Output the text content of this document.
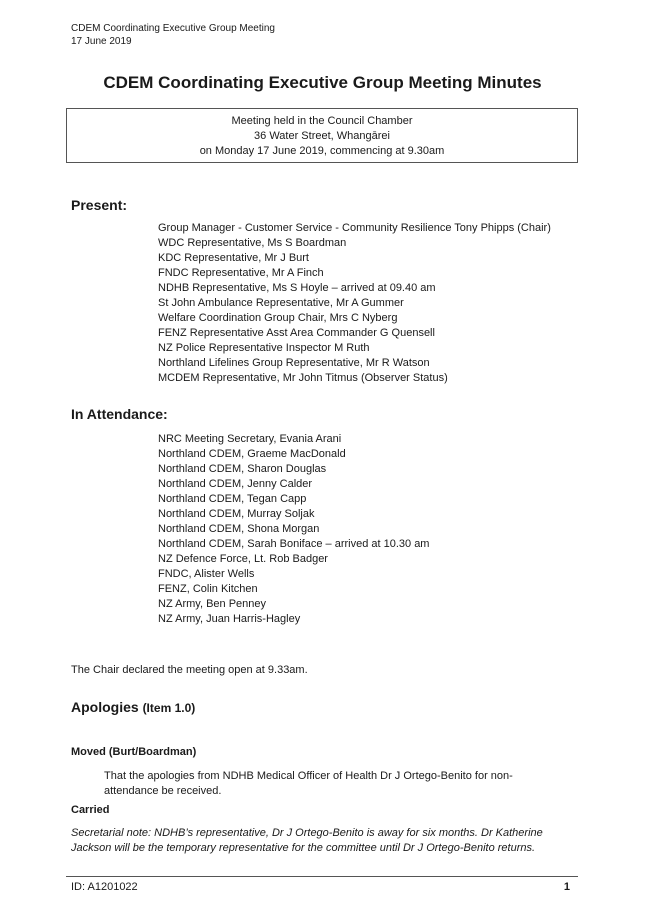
CDEM Coordinating Executive Group Meeting
17 June 2019
CDEM Coordinating Executive Group Meeting Minutes
Meeting held in the Council Chamber
36 Water Street, Whangārei
on Monday 17 June 2019, commencing at 9.30am
Present:
Group Manager - Customer Service - Community Resilience Tony Phipps (Chair)
WDC Representative, Ms S Boardman
KDC Representative, Mr J Burt
FNDC Representative, Mr A Finch
NDHB Representative, Ms S Hoyle – arrived at 09.40 am
St John Ambulance Representative, Mr A Gummer
Welfare Coordination Group Chair, Mrs C Nyberg
FENZ Representative Asst Area Commander G Quensell
NZ Police Representative Inspector M Ruth
Northland Lifelines Group Representative, Mr R Watson
MCDEM Representative, Mr John Titmus (Observer Status)
In Attendance:
NRC Meeting Secretary, Evania Arani
Northland CDEM, Graeme MacDonald
Northland CDEM, Sharon Douglas
Northland CDEM, Jenny Calder
Northland CDEM, Tegan Capp
Northland CDEM, Murray Soljak
Northland CDEM, Shona Morgan
Northland CDEM, Sarah Boniface – arrived at 10.30 am
NZ Defence Force, Lt. Rob Badger
FNDC, Alister Wells
FENZ, Colin Kitchen
NZ Army, Ben Penney
NZ Army, Juan Harris-Hagley
The Chair declared the meeting open at 9.33am.
Apologies (Item 1.0)
Moved (Burt/Boardman)
That the apologies from NDHB Medical Officer of Health Dr J Ortego-Benito for non-
attendance be received.
Carried
Secretarial note: NDHB’s representative, Dr J Ortego-Benito is away for six months. Dr Katherine
Jackson will be the temporary representative for the committee until Dr J Ortego-Benito returns.
ID: A1201022	1
